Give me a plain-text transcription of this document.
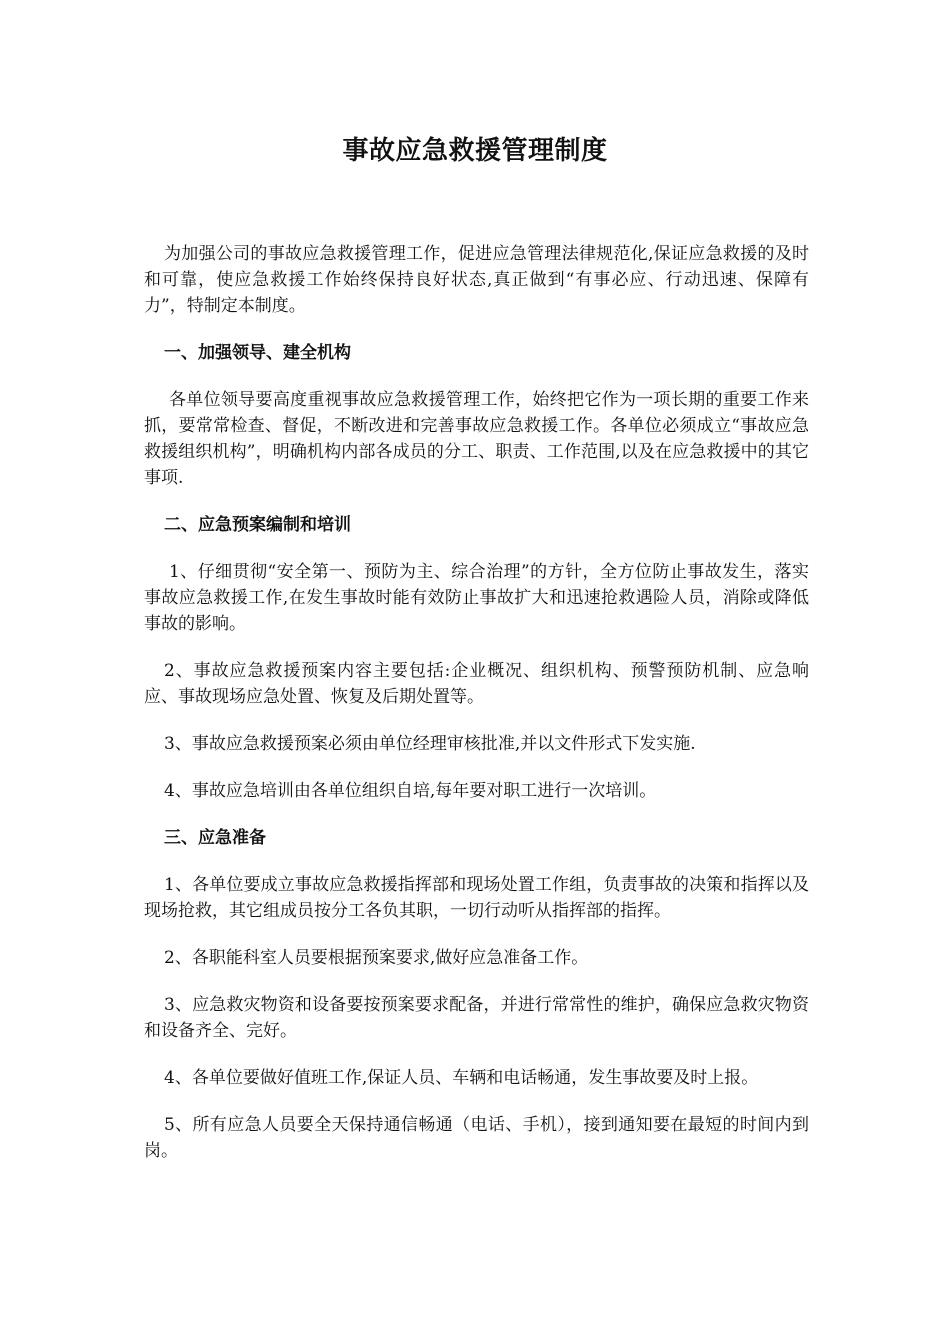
事故应急救援管理制度

为加强公司的事故应急救援管理工作，促进应急管理法律规范化,保证应急救援的及时和可靠，使应急救援工作始终保持良好状态,真正做到“有事必应、行动迅速、保障有力”，特制定本制度。

一、加强领导、建全机构

各单位领导要高度重视事故应急救援管理工作，始终把它作为一项长期的重要工作来抓，要常常检查、督促，不断改进和完善事故应急救援工作。各单位必须成立“事故应急救援组织机构”，明确机构内部各成员的分工、职责、工作范围,以及在应急救援中的其它事项.

二、应急预案编制和培训

1、仔细贯彻“安全第一、预防为主、综合治理”的方针，全方位防止事故发生，落实事故应急救援工作,在发生事故时能有效防止事故扩大和迅速抢救遇险人员，消除或降低事故的影响。

2、事故应急救援预案内容主要包括:企业概况、组织机构、预警预防机制、应急响应、事故现场应急处置、恢复及后期处置等。

3、事故应急救援预案必须由单位经理审核批准,并以文件形式下发实施.

4、事故应急培训由各单位组织自培,每年要对职工进行一次培训。

三、应急准备

1、各单位要成立事故应急救援指挥部和现场处置工作组，负责事故的决策和指挥以及现场抢救，其它组成员按分工各负其职，一切行动听从指挥部的指挥。

2、各职能科室人员要根据预案要求,做好应急准备工作。

3、应急救灾物资和设备要按预案要求配备，并进行常常性的维护，确保应急救灾物资和设备齐全、完好。

4、各单位要做好值班工作,保证人员、车辆和电话畅通，发生事故要及时上报。

5、所有应急人员要全天保持通信畅通（电话、手机），接到通知要在最短的时间内到岗。
